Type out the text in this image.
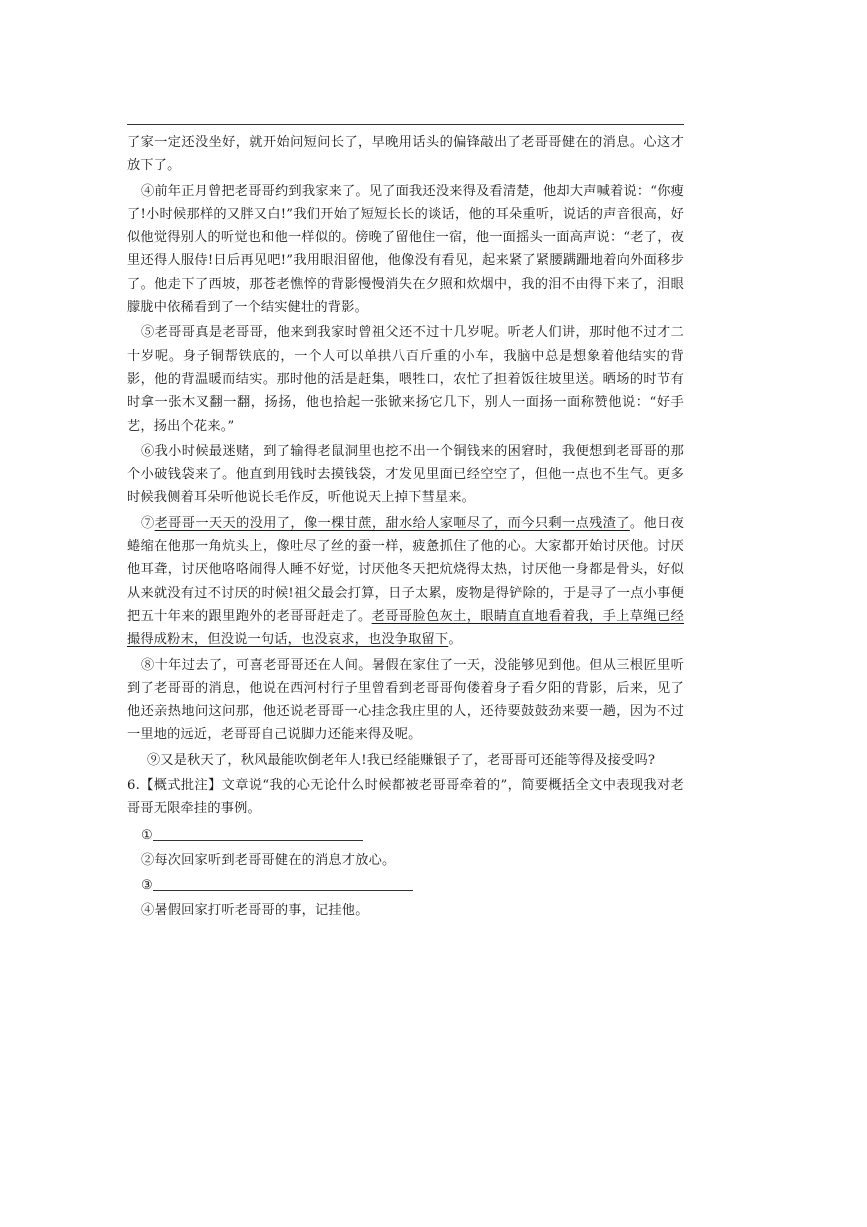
了家一定还没坐好，就开始问短问长了，早晚用话头的偏锋敲出了老哥哥健在的消息。心这才放下了。

④前年正月曾把老哥哥约到我家来了。见了面我还没来得及看清楚，他却大声喊着说：“你瘦了!小时候那样的又胖又白!”我们开始了短短长长的谈话，他的耳朵重听，说话的声音很高，好似他觉得别人的听觉也和他一样似的。傍晚了留他住一宿，他一面摇头一面高声说：“老了，夜里还得人服侍!日后再见吧!”我用眼泪留他，他像没有看见，起来紧了紧腰蹒跚地着向外面移步了。他走下了西坡，那苍老憔悴的背影慢慢消失在夕照和炊烟中，我的泪不由得下来了，泪眼朦胧中依稀看到了一个结实健壮的背影。

⑤老哥哥真是老哥哥，他来到我家时曾祖父还不过十几岁呢。听老人们讲，那时他不过才二十岁呢。身子铜帮铁底的，一个人可以单拱八百斤重的小车，我脑中总是想象着他结实的背影，他的背温暖而结实。那时他的活是赶集，喂牲口，农忙了担着饭往坡里送。晒场的时节有时拿一张木叉翻一翻，扬扬，他也拾起一张锨来扬它几下，别人一面扬一面称赞他说：“好手艺，扬出个花来。”

⑥我小时候最迷赌，到了输得老鼠洞里也挖不出一个铜钱来的困窘时，我便想到老哥哥的那个小破钱袋来了。他直到用钱时去摸钱袋，才发见里面已经空空了，但他一点也不生气。更多时候我侧着耳朵听他说长毛作反，听他说天上掉下彗星来。

⑦老哥哥一天天的没用了，像一棵甘蔗，甜水给人家咂尽了，而今只剩一点残渣了。他日夜蜷缩在他那一角炕头上，像吐尽了丝的蚕一样，疲惫抓住了他的心。大家都开始讨厌他。讨厌他耳聋，讨厌他咯咯闹得人睡不好觉，讨厌他冬天把炕烧得太热，讨厌他一身都是骨头，好似从来就没有过不讨厌的时候!祖父最会打算，日子太累，废物是得铲除的，于是寻了一点小事便把五十年来的跟里跑外的老哥哥赶走了。老哥哥脸色灰土，眼睛直直地看着我，手上草绳已经撮得成粉末，但没说一句话，也没哀求，也没争取留下。

⑧十年过去了，可喜老哥哥还在人间。暑假在家住了一天，没能够见到他。但从三根匠里听到了老哥哥的消息，他说在西河村行子里曾看到老哥哥佝偻着身子看夕阳的背影，后来，见了他还亲热地问这问那，他还说老哥哥一心挂念我庄里的人，还待要鼓鼓劲来要一趟，因为不过一里地的远近，老哥哥自己说脚力还能来得及呢。

⑨又是秋天了，秋风最能吹倒老年人!我已经能赚银子了，老哥哥可还能等得及接受吗?

6.【概式批注】文章说“我的心无论什么时候都被老哥哥牵着的”，简要概括全文中表现我对老哥哥无限牵挂的事例。

①

②每次回家听到老哥哥健在的消息才放心。

③

④暑假回家打听老哥哥的事，记挂他。
